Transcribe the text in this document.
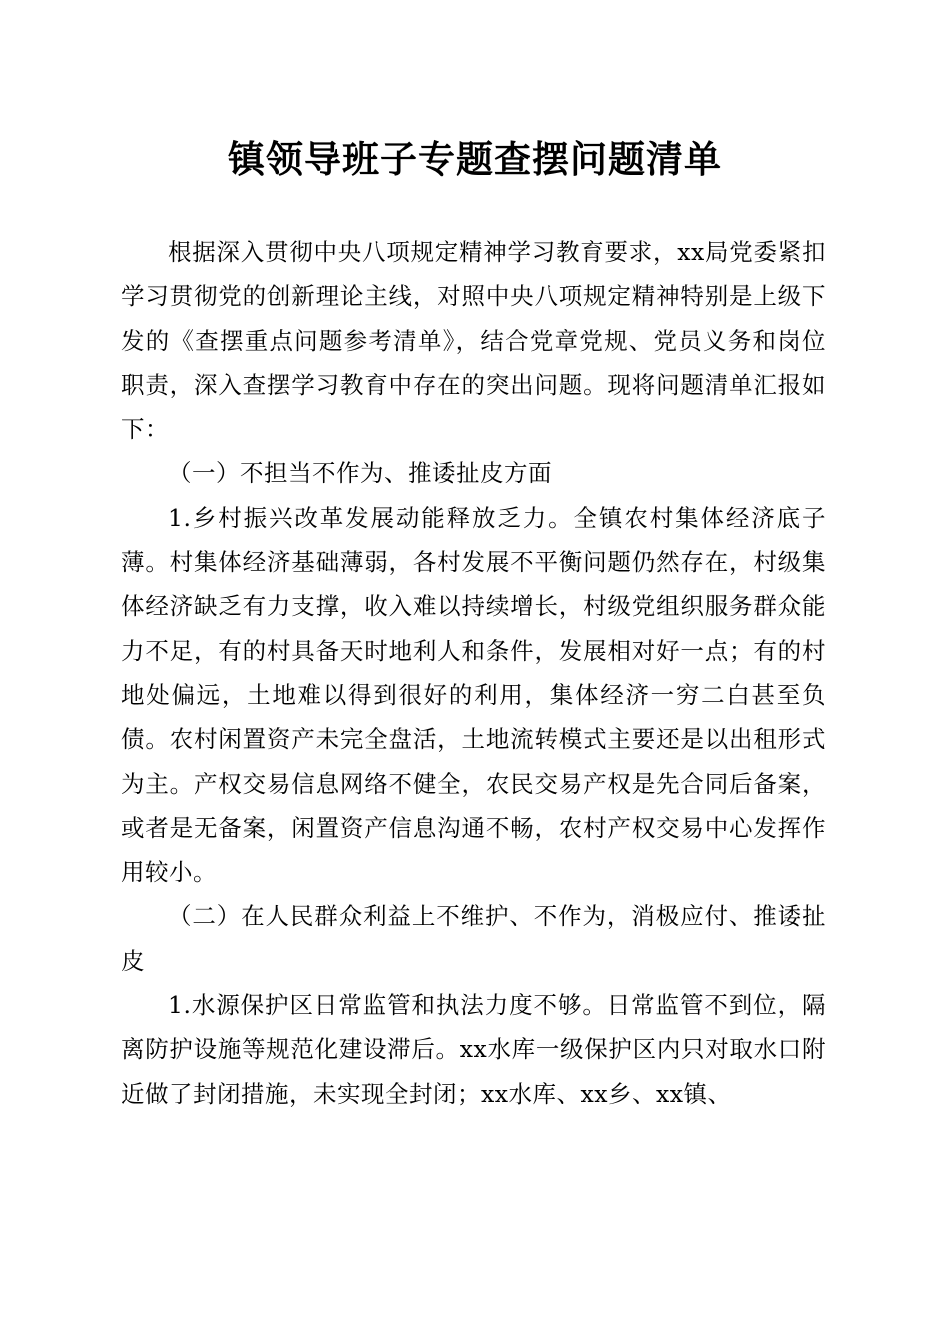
镇领导班子专题查摆问题清单

根据深入贯彻中央八项规定精神学习教育要求，xx局党委紧扣学习贯彻党的创新理论主线，对照中央八项规定精神特别是上级下发的《查摆重点问题参考清单》，结合党章党规、党员义务和岗位职责，深入查摆学习教育中存在的突出问题。现将问题清单汇报如下：

（一）不担当不作为、推诿扯皮方面

1.乡村振兴改革发展动能释放乏力。全镇农村集体经济底子薄。村集体经济基础薄弱，各村发展不平衡问题仍然存在，村级集体经济缺乏有力支撑，收入难以持续增长，村级党组织服务群众能力不足，有的村具备天时地利人和条件，发展相对好一点；有的村地处偏远，土地难以得到很好的利用，集体经济一穷二白甚至负债。农村闲置资产未完全盘活，土地流转模式主要还是以出租形式为主。产权交易信息网络不健全，农民交易产权是先合同后备案，或者是无备案，闲置资产信息沟通不畅，农村产权交易中心发挥作用较小。

（二）在人民群众利益上不维护、不作为，消极应付、推诿扯皮

1.水源保护区日常监管和执法力度不够。日常监管不到位，隔离防护设施等规范化建设滞后。xx水库一级保护区内只对取水口附近做了封闭措施，未实现全封闭；xx水库、xx乡、xx镇、
